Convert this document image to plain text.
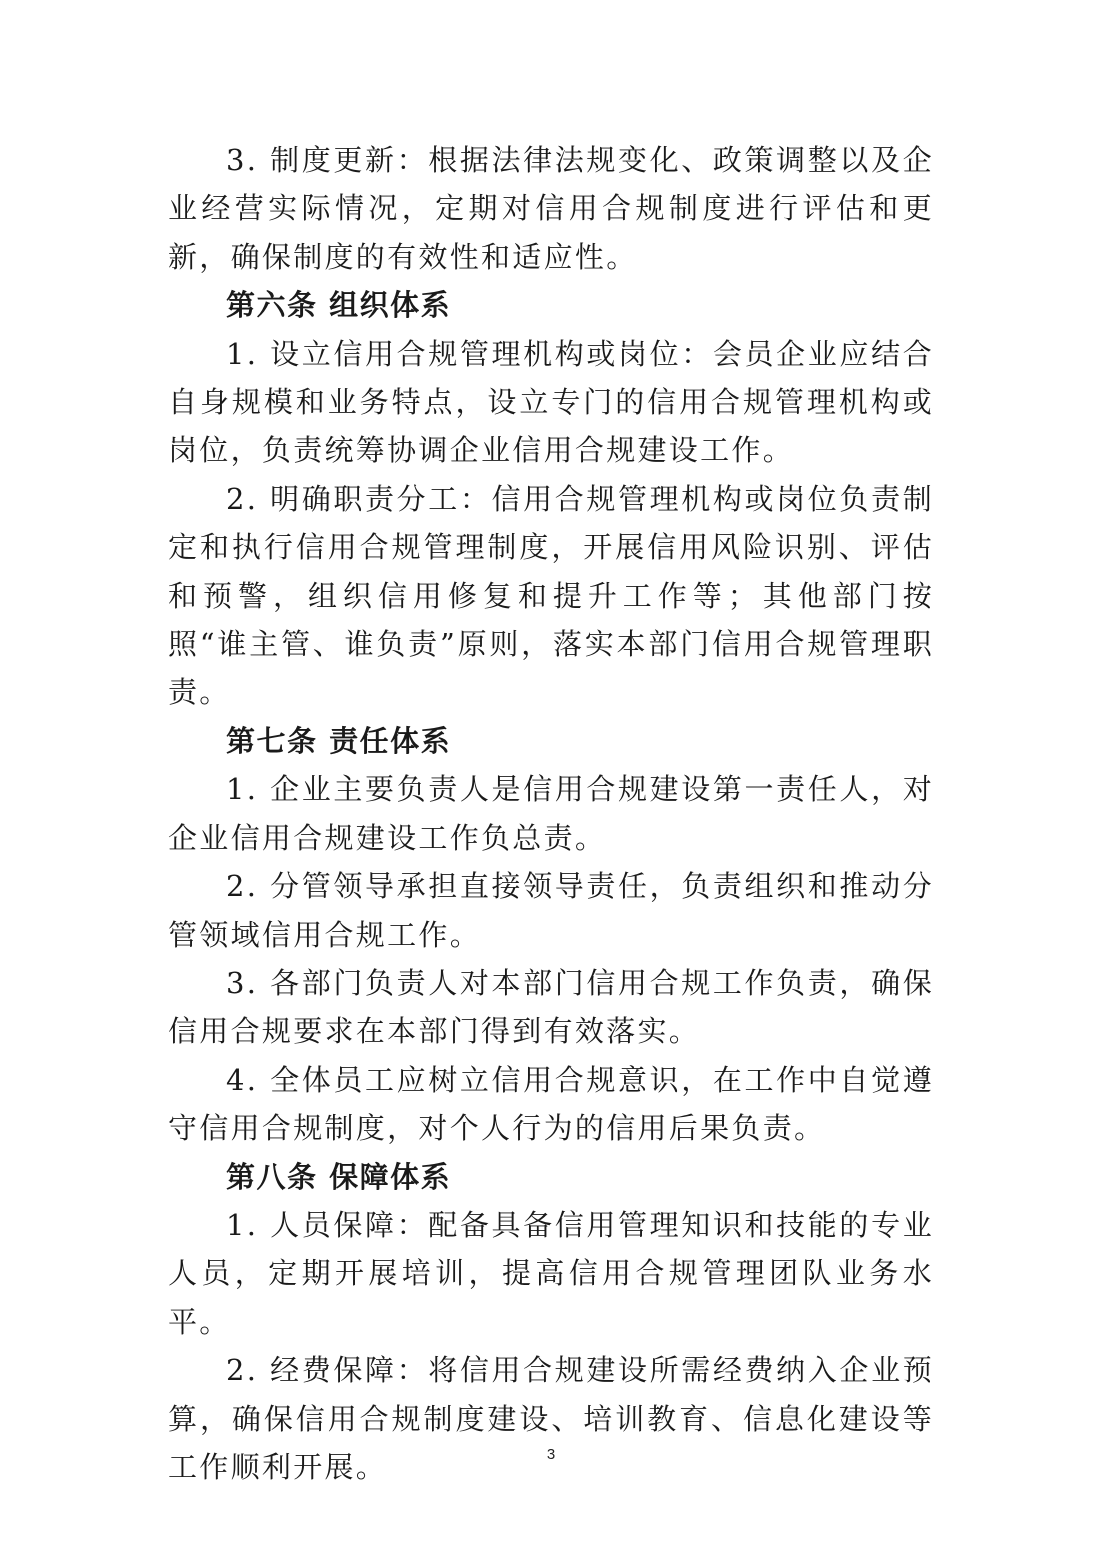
3. 制度更新：根据法律法规变化、政策调整以及企业经营实际情况，定期对信用合规制度进行评估和更新，确保制度的有效性和适应性。

第六条 组织体系

1. 设立信用合规管理机构或岗位：会员企业应结合自身规模和业务特点，设立专门的信用合规管理机构或岗位，负责统筹协调企业信用合规建设工作。

2. 明确职责分工：信用合规管理机构或岗位负责制定和执行信用合规管理制度，开展信用风险识别、评估和预警，组织信用修复和提升工作等；其他部门按照“谁主管、谁负责”原则，落实本部门信用合规管理职责。

第七条 责任体系

1. 企业主要负责人是信用合规建设第一责任人，对企业信用合规建设工作负总责。

2. 分管领导承担直接领导责任，负责组织和推动分管领域信用合规工作。

3. 各部门负责人对本部门信用合规工作负责，确保信用合规要求在本部门得到有效落实。

4. 全体员工应树立信用合规意识，在工作中自觉遵守信用合规制度，对个人行为的信用后果负责。

第八条 保障体系

1. 人员保障：配备具备信用管理知识和技能的专业人员，定期开展培训，提高信用合规管理团队业务水平。

2. 经费保障：将信用合规建设所需经费纳入企业预算，确保信用合规制度建设、培训教育、信息化建设等工作顺利开展。	3
